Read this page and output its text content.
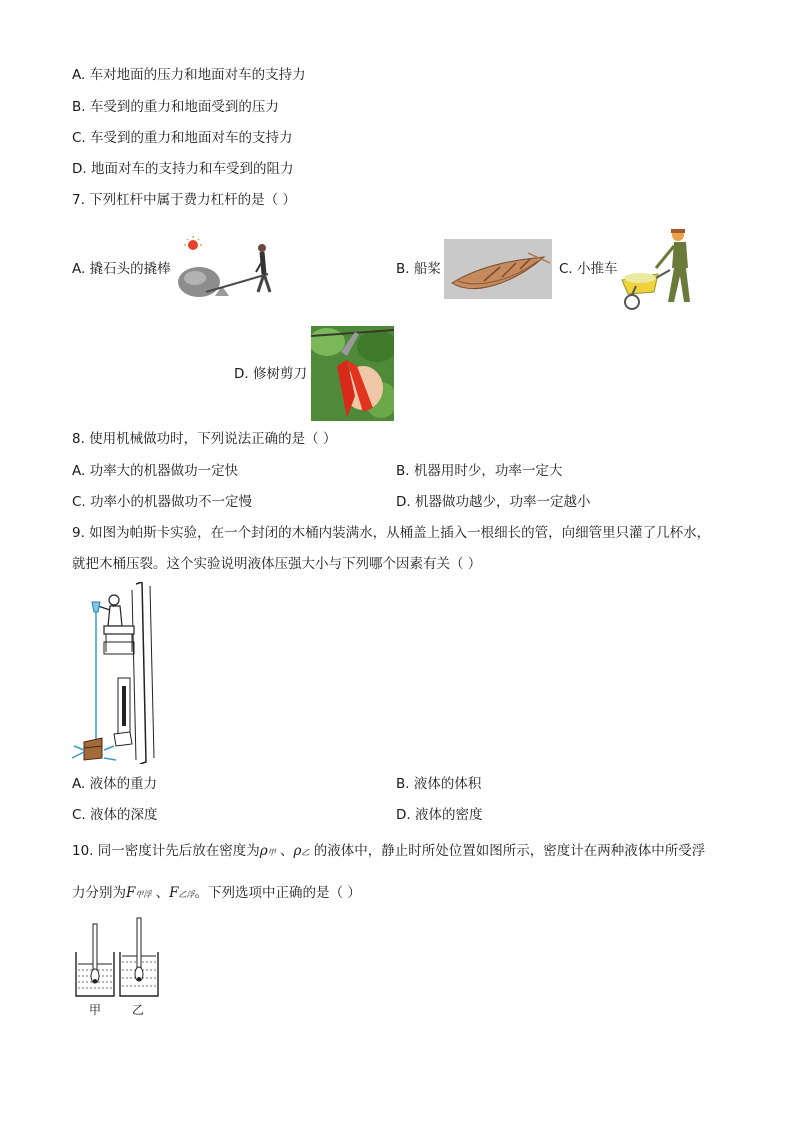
A. 车对地面的压力和地面对车的支持力
B. 车受到的重力和地面受到的压力
C. 车受到的重力和地面对车的支持力
D. 地面对车的支持力和车受到的阻力
7. 下列杠杆中属于费力杠杆的是（ ）
A. 撬石头的撬棒	B. 船桨	C. 小推车
D. 修树剪刀
8. 使用机械做功时，下列说法正确的是（ ）
A. 功率大的机器做功一定快	B. 机器用时少，功率一定大
C. 功率小的机器做功不一定慢	D. 机器做功越少，功率一定越小
9. 如图为帕斯卡实验，在一个封闭的木桶内装满水，从桶盖上插入一根细长的管，向细管里只灌了几杯水，
就把木桶压裂。这个实验说明液体压强大小与下列哪个因素有关（ ）
A. 液体的重力	B. 液体的体积
C. 液体的深度	D. 液体的密度
10. 同一密度计先后放在密度为ρ甲 、ρ乙 的液体中，静止时所处位置如图所示，密度计在两种液体中所受浮
力分别为F甲浮 、F乙浮。下列选项中正确的是（ ）
甲	乙
